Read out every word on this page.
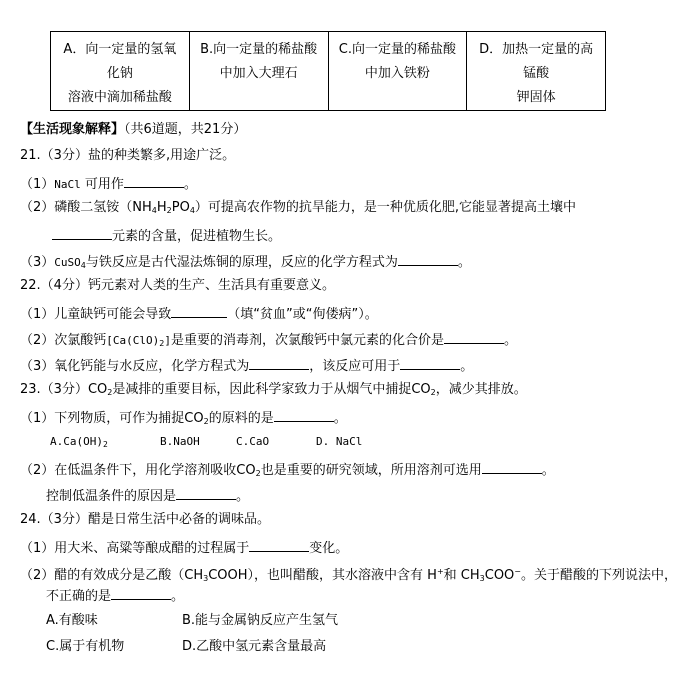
A．向一定量的氢氧化钠
溶液中滴加稀盐酸	B.向一定量的稀盐酸
中加入大理石	C.向一定量的稀盐酸
中加入铁粉	D．加热一定量的高锰酸
钾固体
【生活现象解释】（共6道题，共21分）
21.（3分）盐的种类繁多,用途广泛。
（1）NaCl 可用作	。
（2）磷酸二氢铵$(NH_4H_2PO_4)$可提高农作物的抗旱能力，是一种优质化肥,它能显著提高土壤中
元素的含量，促进植物生长。
（3）CuSO$_4$与铁反应是古代湿法炼铜的原理，反应的化学方程式为	。
22.（4分）钙元素对人类的生产、生活具有重要意义。
（1）儿童缺钙可能会导致	（填“贫血”或“佝偻病”）。
（2）次氯酸钙$[Ca(ClO)_2]$是重要的消毒剂，次氯酸钙中氯元素的化合价是	。
（3）氧化钙能与水反应，化学方程式为	，该反应可用于	。
23.（3分）$CO_2$是减排的重要目标，因此科学家致力于从烟气中捕捉$CO_2$，减少其排放。
（1）下列物质，可作为捕捉$CO_2$的原料的是	。
$A.Ca(OH)_2$	B.NaOH	C.CaO	D. NaCl
（2）在低温条件下，用化学溶剂吸收$CO_2$也是重要的研究领域，所用溶剂可选用	。
控制低温条件的原因是	。
24.（3分）醋是日常生活中必备的调味品。
（1）用大米、高粱等酿成醋的过程属于	变化。
（2）醋的有效成分是乙酸$(CH_3COOH)$，也叫醋酸，其水溶液中含有 H+和 $CH_3COO^-$。关于醋酸的下列说法中，
不正确的是	。
A.有酸味	B.能与金属钠反应产生氢气
C.属于有机物	D.乙酸中氢元素含量最高
